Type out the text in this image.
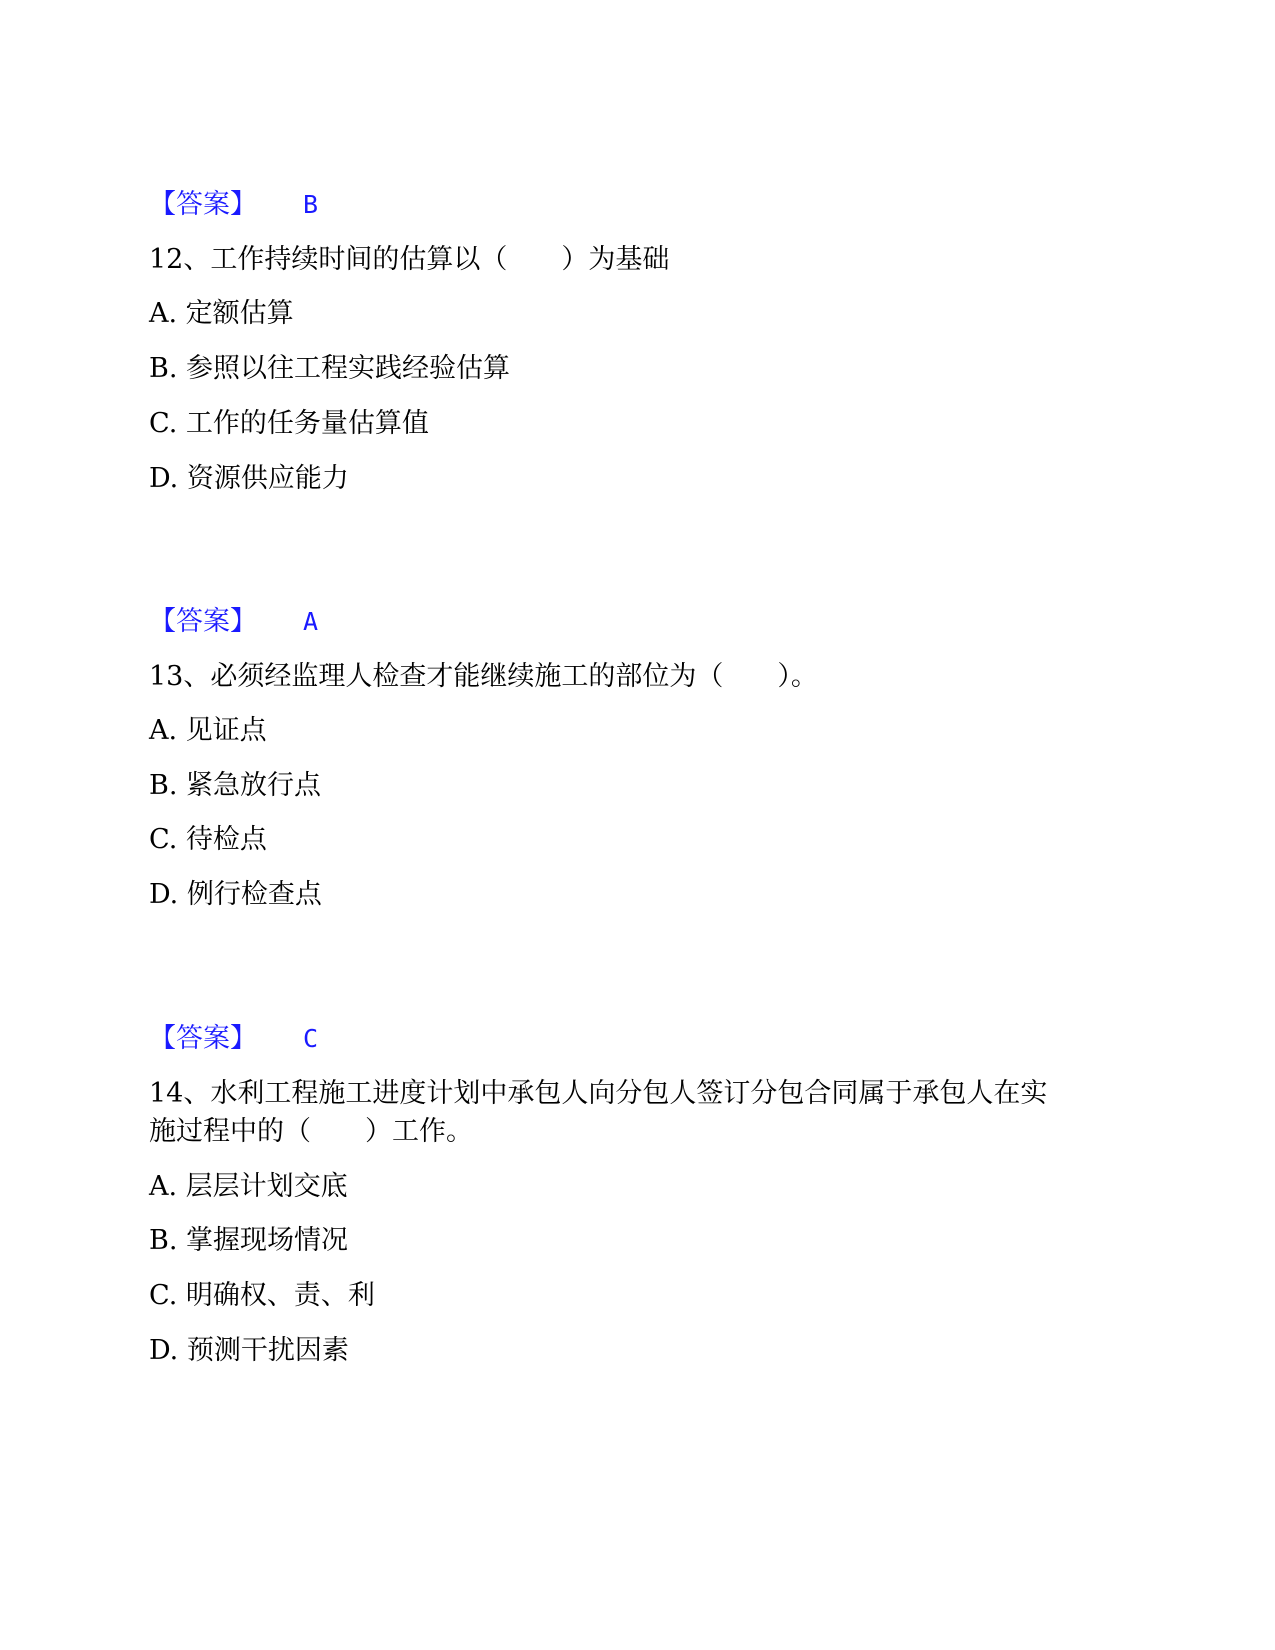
【答案】 B
12、工作持续时间的估算以（　　）为基础
A. 定额估算
B. 参照以往工程实践经验估算
C. 工作的任务量估算值
D. 资源供应能力
【答案】 A
13、必须经监理人检查才能继续施工的部位为（　　）。
A. 见证点
B. 紧急放行点
C. 待检点
D. 例行检查点
【答案】 C
14、水利工程施工进度计划中承包人向分包人签订分包合同属于承包人在实
施过程中的（　　）工作。
A. 层层计划交底
B. 掌握现场情况
C. 明确权、责、利
D. 预测干扰因素
